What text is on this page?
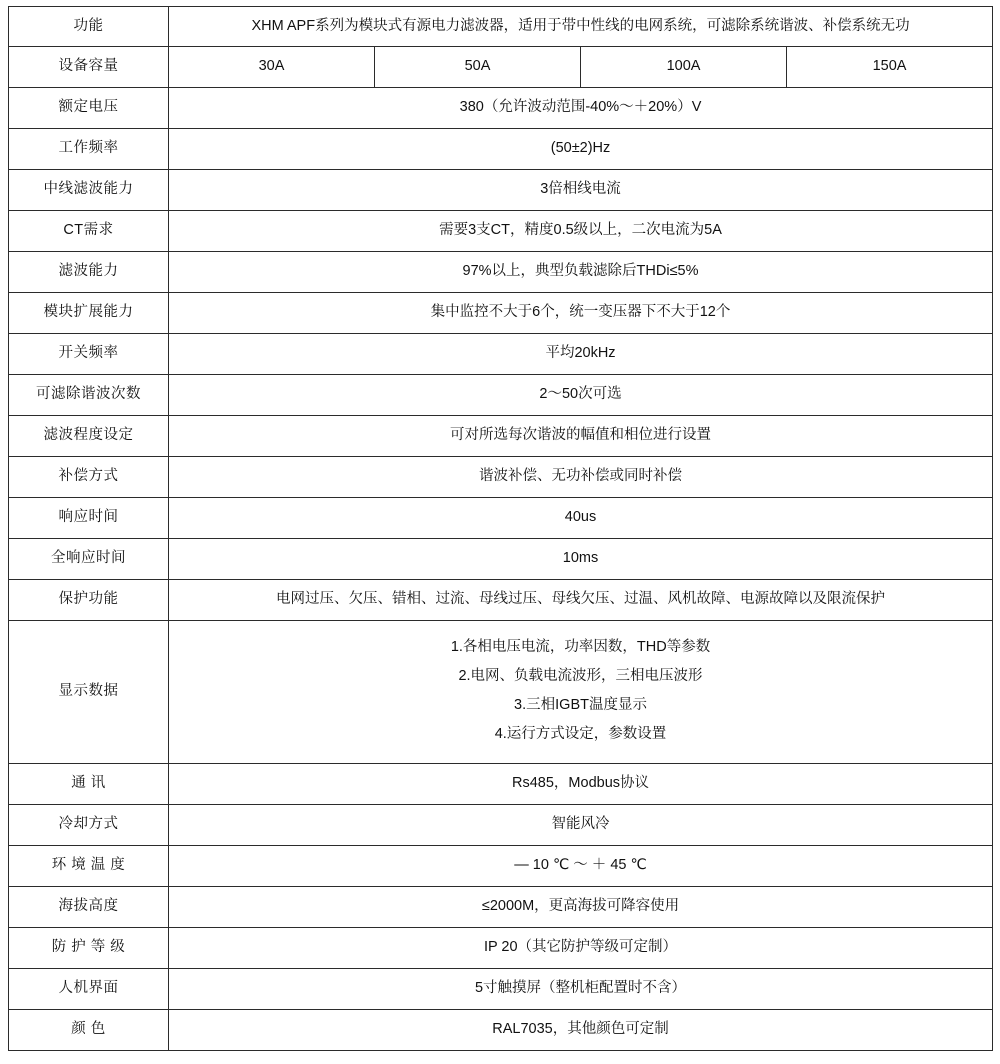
功能	XHM APF系列为模块式有源电力滤波器，适用于带中性线的电网系统，可滤除系统谐波、补偿系统无功			
设备容量	30A	50A	100A	150A
额定电压	380（允许波动范围-40%～＋20%）V			
工作频率	(50±2)Hz			
中线滤波能力	3倍相线电流			
CT需求	需要3支CT，精度0.5级以上，二次电流为5A			
滤波能力	97%以上，典型负载滤除后THDi≤5%			
模块扩展能力	集中监控不大于6个，统一变压器下不大于12个			
开关频率	平均20kHz			
可滤除谐波次数	2～50次可选			
滤波程度设定	可对所选每次谐波的幅值和相位进行设置			
补偿方式	谐波补偿、无功补偿或同时补偿			
响应时间	40us			
全响应时间	10ms			
保护功能	电网过压、欠压、错相、过流、母线过压、母线欠压、过温、风机故障、电源故障以及限流保护			
显示数据	1.各相电压电流，功率因数，THD等参数
2.电网、负载电流波形，三相电压波形
3.三相IGBT温度显示
4.运行方式设定，参数设置			

通 讯	Rs485，Modbus协议			
冷却方式	智能风冷			
环 境 温 度	— 10 ℃ ～ ＋ 45 ℃			
海拔高度	≤2000M，更高海拔可降容使用			
防 护 等 级	IP 20（其它防护等级可定制）			
人机界面	5寸触摸屏（整机柜配置时不含）			
颜 色	RAL7035，其他颜色可定制			
